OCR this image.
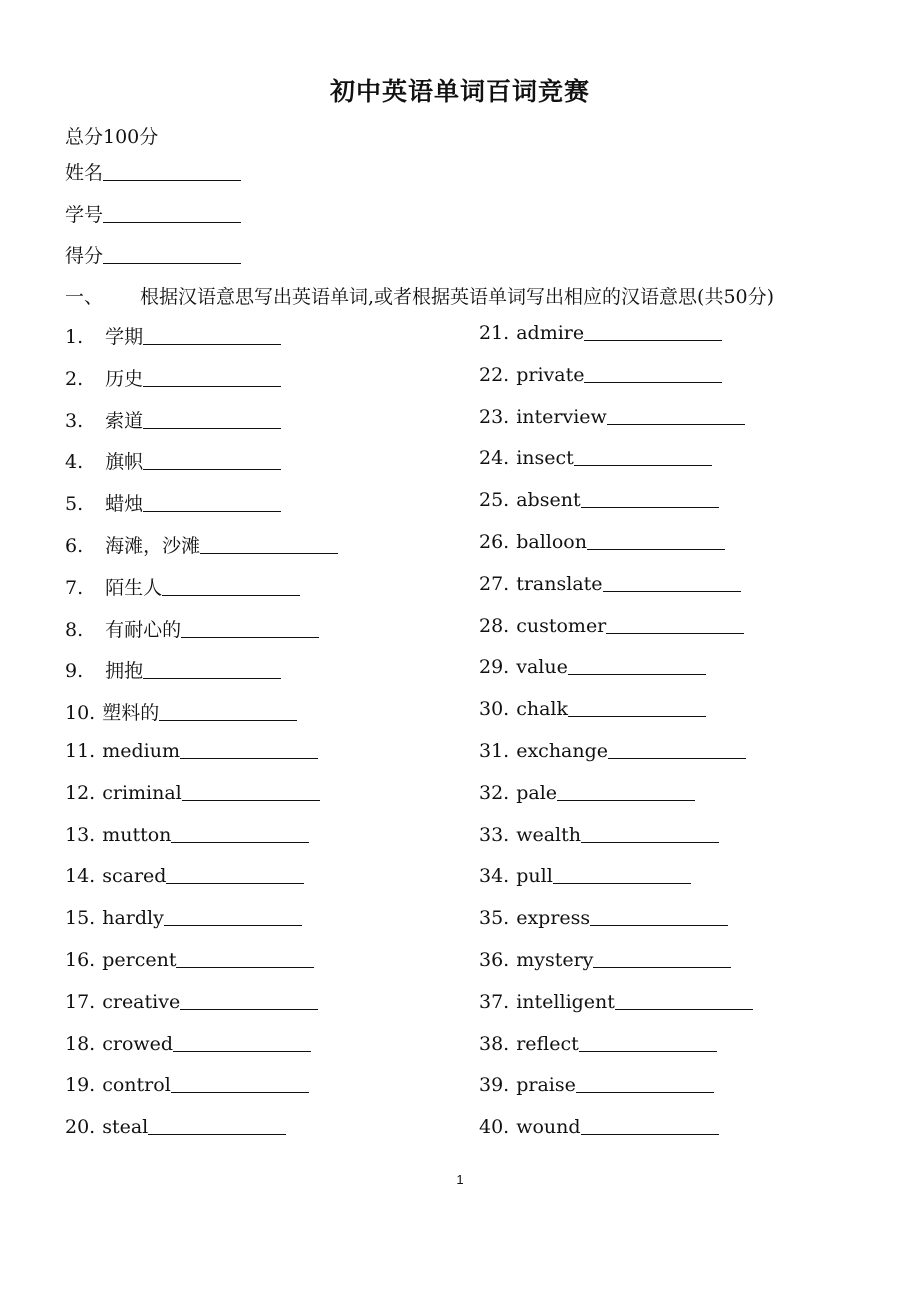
初中英语单词百词竞赛
总分100分
姓名
学号
得分
一、 根据汉语意思写出英语单词,或者根据英语单词写出相应的汉语意思(共50分)
1. 学期
2. 历史
3. 索道
4. 旗帜
5. 蜡烛
6. 海滩，沙滩
7. 陌生人
8. 有耐心的
9. 拥抱
10. 塑料的
11. medium
12. criminal
13. mutton
14. scared
15. hardly
16. percent
17. creative
18. crowed
19. control
20. steal
21. admire
22. private
23. interview
24. insect
25. absent
26. balloon
27. translate
28. customer
29. value
30. chalk
31. exchange
32. pale
33. wealth
34. pull
35. express
36. mystery
37. intelligent
38. reflect
39. praise
40. wound
1
